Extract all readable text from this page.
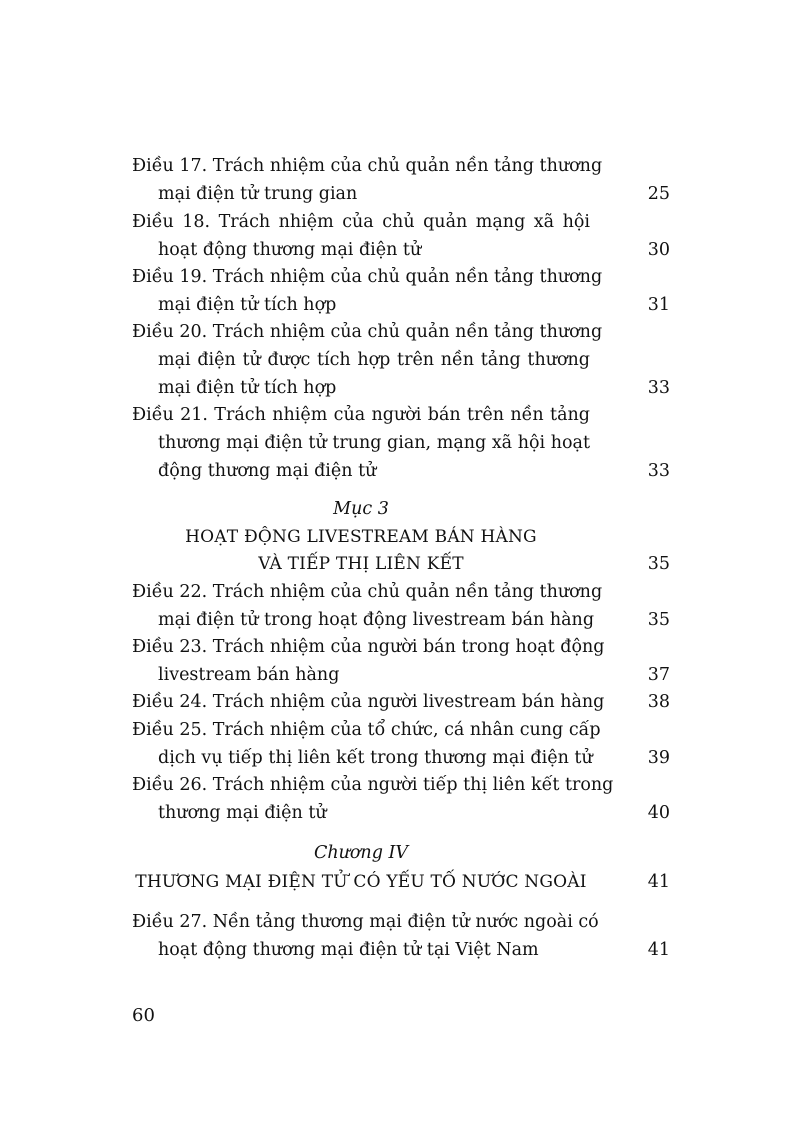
Điều 17. Trách nhiệm của chủ quản nền tảng thương
mại điện tử trung gian	25
Điều 18. Trách nhiệm của chủ quản mạng xã hội
hoạt động thương mại điện tử	30
Điều 19. Trách nhiệm của chủ quản nền tảng thương
mại điện tử tích hợp	31
Điều 20. Trách nhiệm của chủ quản nền tảng thương
mại điện tử được tích hợp trên nền tảng thương
mại điện tử tích hợp	33
Điều 21. Trách nhiệm của người bán trên nền tảng
thương mại điện tử trung gian, mạng xã hội hoạt
động thương mại điện tử	33
Mục 3
HOẠT ĐỘNG LIVESTREAM BÁN HÀNG
VÀ TIẾP THỊ LIÊN KẾT	35
Điều 22. Trách nhiệm của chủ quản nền tảng thương
mại điện tử trong hoạt động livestream bán hàng	35
Điều 23. Trách nhiệm của người bán trong hoạt động
livestream bán hàng	37
Điều 24. Trách nhiệm của người livestream bán hàng	38
Điều 25. Trách nhiệm của tổ chức, cá nhân cung cấp
dịch vụ tiếp thị liên kết trong thương mại điện tử	39
Điều 26. Trách nhiệm của người tiếp thị liên kết trong
thương mại điện tử	40
Chương IV
THƯƠNG MẠI ĐIỆN TỬ CÓ YẾU TỐ NƯỚC NGOÀI	41
Điều 27. Nền tảng thương mại điện tử nước ngoài có
hoạt động thương mại điện tử tại Việt Nam	41
60
